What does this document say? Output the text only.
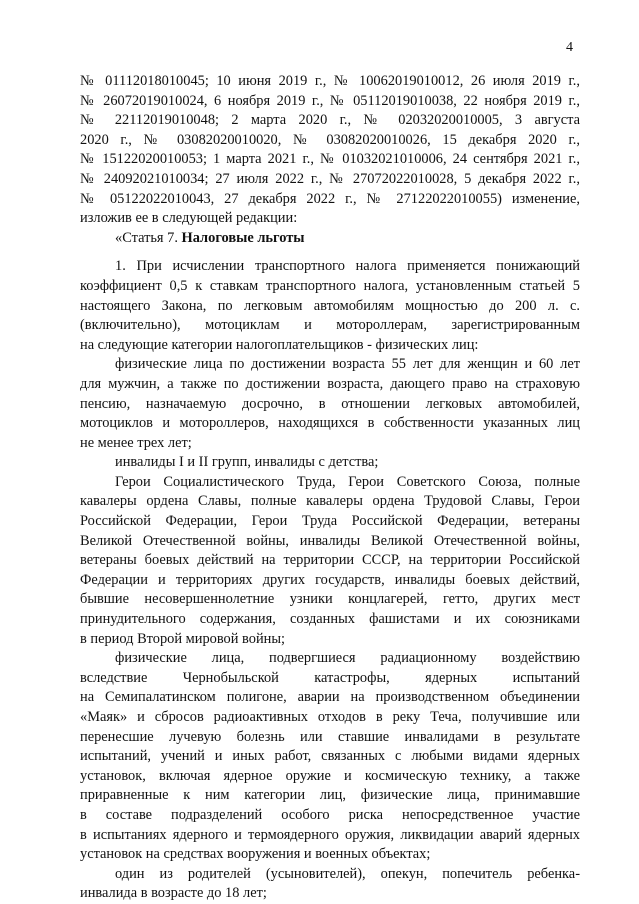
4
№ 01112018010045; 10 июня 2019 г., № 10062019010012, 26 июля 2019 г.,
№ 26072019010024, 6 ноября 2019 г., № 05112019010038, 22 ноября 2019 г.,
№ 22112019010048; 2 марта 2020 г., № 02032020010005, 3 августа
2020 г., № 03082020010020, № 03082020010026, 15 декабря 2020 г.,
№ 15122020010053; 1 марта 2021 г., № 01032021010006, 24 сентября 2021 г.,
№ 24092021010034; 27 июля 2022 г., № 27072022010028, 5 декабря 2022 г.,
№ 05122022010043, 27 декабря 2022 г., № 27122022010055) изменение,
изложив ее в следующей редакции:
«Статья 7. Налоговые льготы
1. При исчислении транспортного налога применяется понижающий
коэффициент 0,5 к ставкам транспортного налога, установленным статьей 5
настоящего Закона, по легковым автомобилям мощностью до 200 л. с.
(включительно), мотоциклам и мотороллерам, зарегистрированным
на следующие категории налогоплательщиков - физических лиц:
физические лица по достижении возраста 55 лет для женщин и 60 лет
для мужчин, а также по достижении возраста, дающего право на страховую
пенсию, назначаемую досрочно, в отношении легковых автомобилей,
мотоциклов и мотороллеров, находящихся в собственности указанных лиц
не менее трех лет;
инвалиды I и II групп, инвалиды с детства;
Герои Социалистического Труда, Герои Советского Союза, полные
кавалеры ордена Славы, полные кавалеры ордена Трудовой Славы, Герои
Российской Федерации, Герои Труда Российской Федерации, ветераны
Великой Отечественной войны, инвалиды Великой Отечественной войны,
ветераны боевых действий на территории СССР, на территории Российской
Федерации и территориях других государств, инвалиды боевых действий,
бывшие несовершеннолетние узники концлагерей, гетто, других мест
принудительного содержания, созданных фашистами и их союзниками
в период Второй мировой войны;
физические лица, подвергшиеся радиационному воздействию
вследствие Чернобыльской катастрофы, ядерных испытаний
на Семипалатинском полигоне, аварии на производственном объединении
«Маяк» и сбросов радиоактивных отходов в реку Теча, получившие или
перенесшие лучевую болезнь или ставшие инвалидами в результате
испытаний, учений и иных работ, связанных с любыми видами ядерных
установок, включая ядерное оружие и космическую технику, а также
приравненные к ним категории лиц, физические лица, принимавшие
в составе подразделений особого риска непосредственное участие
в испытаниях ядерного и термоядерного оружия, ликвидации аварий ядерных
установок на средствах вооружения и военных объектах;
один из родителей (усыновителей), опекун, попечитель ребенка-
инвалида в возрасте до 18 лет;
